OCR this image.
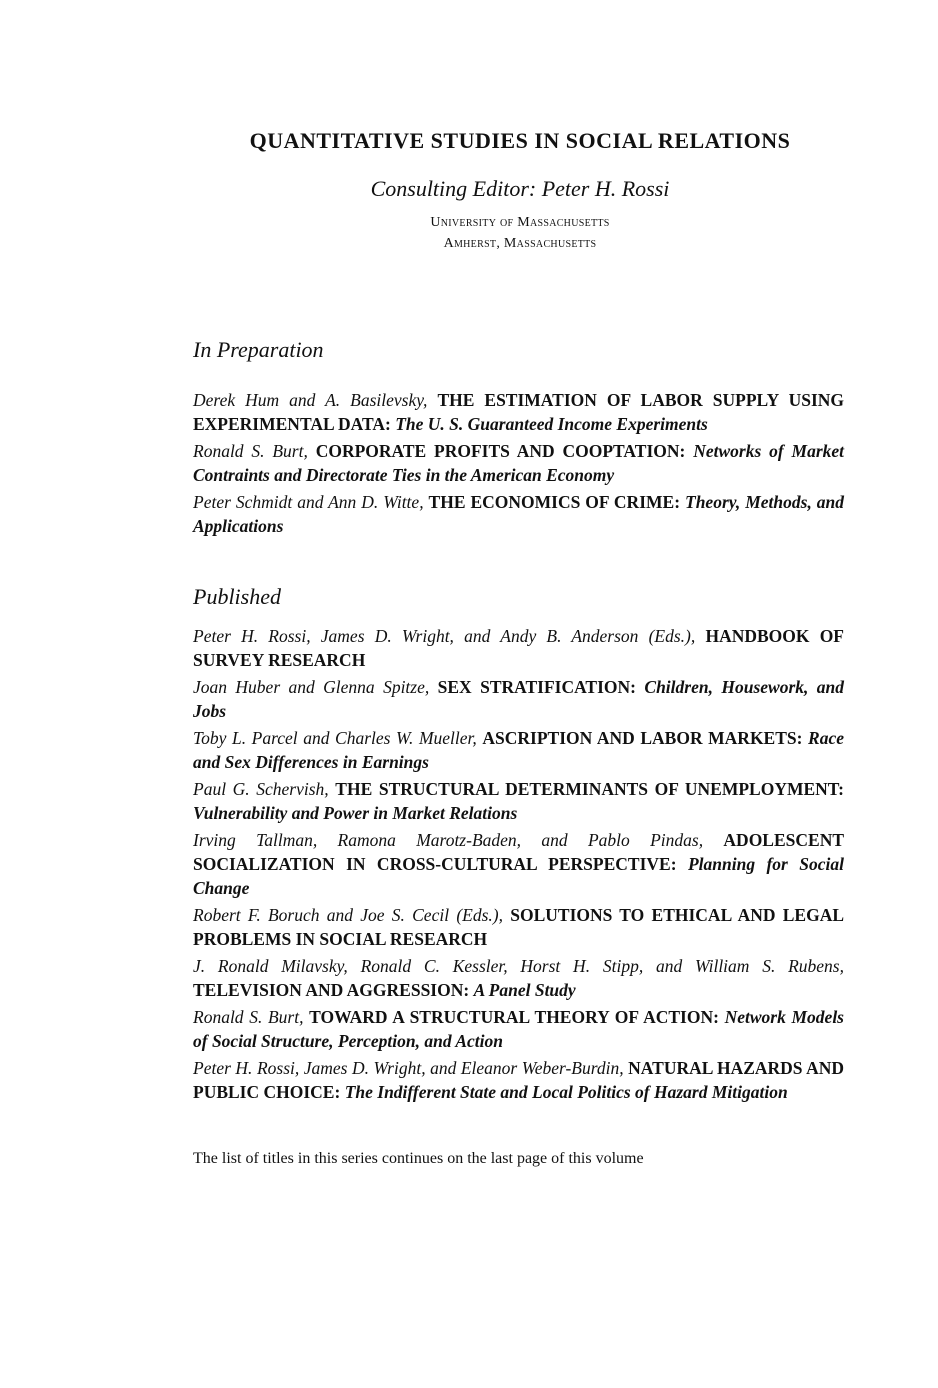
QUANTITATIVE STUDIES IN SOCIAL RELATIONS
Consulting Editor: Peter H. Rossi
University of Massachusetts
Amherst, Massachusetts
In Preparation
Derek Hum and A. Basilevsky, THE ESTIMATION OF LABOR SUPPLY USING EXPERIMENTAL DATA: The U. S. Guaranteed Income Experiments
Ronald S. Burt, CORPORATE PROFITS AND COOPTATION: Networks of Market Contraints and Directorate Ties in the American Economy
Peter Schmidt and Ann D. Witte, THE ECONOMICS OF CRIME: Theory, Methods, and Applications
Published
Peter H. Rossi, James D. Wright, and Andy B. Anderson (Eds.), HANDBOOK OF SURVEY RESEARCH
Joan Huber and Glenna Spitze, SEX STRATIFICATION: Children, Housework, and Jobs
Toby L. Parcel and Charles W. Mueller, ASCRIPTION AND LABOR MARKETS: Race and Sex Differences in Earnings
Paul G. Schervish, THE STRUCTURAL DETERMINANTS OF UNEMPLOYMENT: Vulnerability and Power in Market Relations
Irving Tallman, Ramona Marotz-Baden, and Pablo Pindas, ADOLESCENT SOCIALIZATION IN CROSS-CULTURAL PERSPECTIVE: Planning for Social Change
Robert F. Boruch and Joe S. Cecil (Eds.), SOLUTIONS TO ETHICAL AND LEGAL PROBLEMS IN SOCIAL RESEARCH
J. Ronald Milavsky, Ronald C. Kessler, Horst H. Stipp, and William S. Rubens, TELEVISION AND AGGRESSION: A Panel Study
Ronald S. Burt, TOWARD A STRUCTURAL THEORY OF ACTION: Network Models of Social Structure, Perception, and Action
Peter H. Rossi, James D. Wright, and Eleanor Weber-Burdin, NATURAL HAZARDS AND PUBLIC CHOICE: The Indifferent State and Local Politics of Hazard Mitigation
The list of titles in this series continues on the last page of this volume
